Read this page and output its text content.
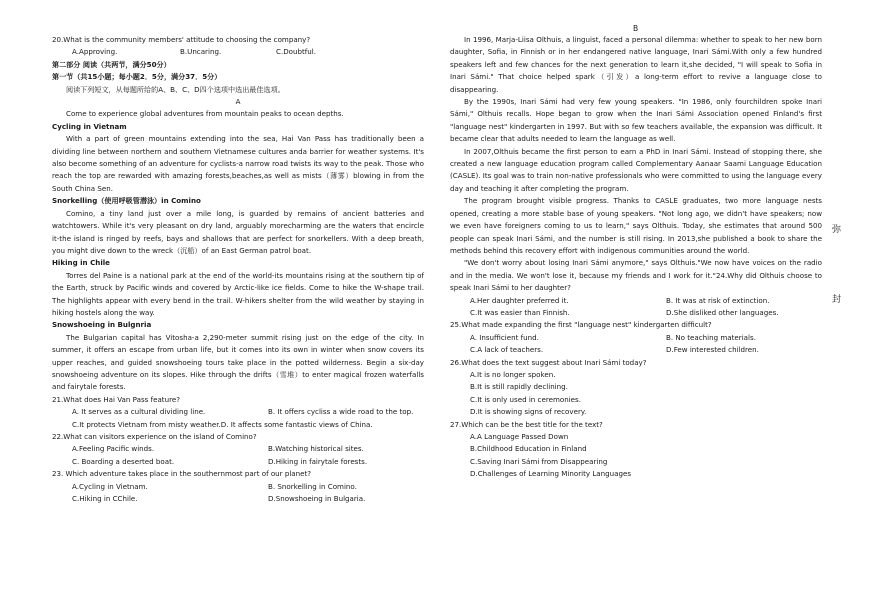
20.What is the community members' attitude to choosing the company?

A.Approving.	B.Uncaring.	C.Doubtful.

第二部分 阅读（共两节，满分50分）

第一节（共15小题；每小题2．5分，满分37．5分）

阅读下列短文，从每题所给的A、B、C、D四个选项中选出最佳选项。

A

Come to experience global adventures from mountain peaks to ocean depths.

Cycling in Vietnam

With a part of green mountains extending into the sea, Hai Van Pass has traditionally been a dividing line between northern and southern Vietnamese cultures anda barrier for weather systems. It's also become something of an adventure for cyclists-a narrow road twists its way to the peak. Those who reach the top are rewarded with amazing forests,beaches,as well as mists（薄雾）blowing in from the South China Sen.

Snorkelling（使用呼吸管潜泳）in Comino

Comino, a tiny land just over a mile long, is guarded by remains of ancient batteries and watchtowers. While it's very pleasant on dry land, arguably morecharming are the waters that encircle it-the island is ringed by reefs, bays and shallows that are perfect for snorkellers. With a deep breath, you might dive down to the wreck（沉船）of an East German patrol boat.

Hiking in Chile

Torres del Paine is a national park at the end of the world-its mountains rising at the southern tip of the Earth, struck by Pacific winds and covered by Arctic-like ice fields. Come to hike the W-shape trail. The highlights appear with every bend in the trail. W-hikers shelter from the wild weather by staying in hiking hostels along the way.

Snowshoeing in Bulgnria

The Bulgarian capital has Vitosha-a 2,290-meter summit rising just on the edge of the city. In summer, it offers an escape from urban life, but it comes into its own in winter when snow covers its upper reaches, and guided snowshoeing tours take place in the potted wilderness. Begin a six-day snowshoeing adventure on its slopes. Hike through the drifts（雪堆）to enter magical frozen waterfalls and fairytale forests.

21.What does Hai Van Pass feature?

A. It serves as a cultural dividing line.	B. It offers cycliss a wide road to the top.

C.It protects Vietnam from misty weather.D. It affects some fantastic views of China.

22.What can visitors experience on the island of Comino?

A.Feeling Pacific winds.	B.Watching historical sites.
C. Boarding a deserted boat.	D.Hiking in fairytale forests.

23. Which adventure takes place in the southernmost part of our planet?

A.Cycling in Vietnam.	B. Snorkelling in Comino.
C.Hiking in CChile.	D.Snowshoeing in Bulgaria.
B

In 1996, Marja-Liisa Olthuis, a linguist, faced a personal dilemma: whether to speak to her new born daughter, Sofia, in Finnish or in her endangered native language, Inari Sámi.With only a few hundred speakers left and few chances for the next generation to learn it,she decided, "I will speak to Sofia in Inari Sámi." That choice helped spark（引发）a long-term effort to revive a language close to disappearing.

By the 1990s, Inari Sámi had very few young speakers. "In 1986, only fourchildren spoke Inari Sámi," Olthuis recalls. Hope began to grow when the Inari Sámi Association opened Finland's first "language nest" kindergarten in 1997. But with so few teachers available, the expansion was difficult. It became clear that adults needed to learn the language as well.

In 2007,Olthuis became the first person to earn a PhD in Inari Sámi. Instead of stopping there, she created a new language education program called Complementary Aanaar Saami Language Education (CASLE). Its goal was to train non-native professionals who were committed to using the language every day and teaching it after completing the program.

The program brought visible progress. Thanks to CASLE graduates, two more language nests opened, creating a more stable base of young speakers. "Not long ago, we didn't have speakers; now we even have foreigners coming to us to learn," says Olthuis. Today, she estimates that around 500 people can speak Inari Sámi, and the number is still rising. In 2013,she published a book to share the methods behind this recovery effort with indigenous communities around the world.

"We don't worry about losing Inari Sámi anymore," says Olthuis."We now have voices on the radio and in the media. We won't lose it, because my friends and I work for it."24.Why did Olthuis choose to speak Inari Sámi to her daughter?

A.Her daughter preferred it.	B. It was at risk of extinction.
C.It was easier than Finnish.	D.She disliked other languages.

25.What made expanding the first "language nest" kindergarten difficult?

A. Insufficient fund.	B. No teaching materials.
C.A lack of teachers.	D.Few interested children.

26.What does the text suggest about Inari Sámi today?

A.It is no longer spoken.

B.It is still rapidly declining.

C.It is only used in ceremonies.

D.It is showing signs of recovery.

27.Which can be the best title for the text?

A.A Language Passed Down

B.Childhood Education in Finland

C.Saving Inari Sámi from Disappearing

D.Challenges of Learning Minority Languages

弥
封
